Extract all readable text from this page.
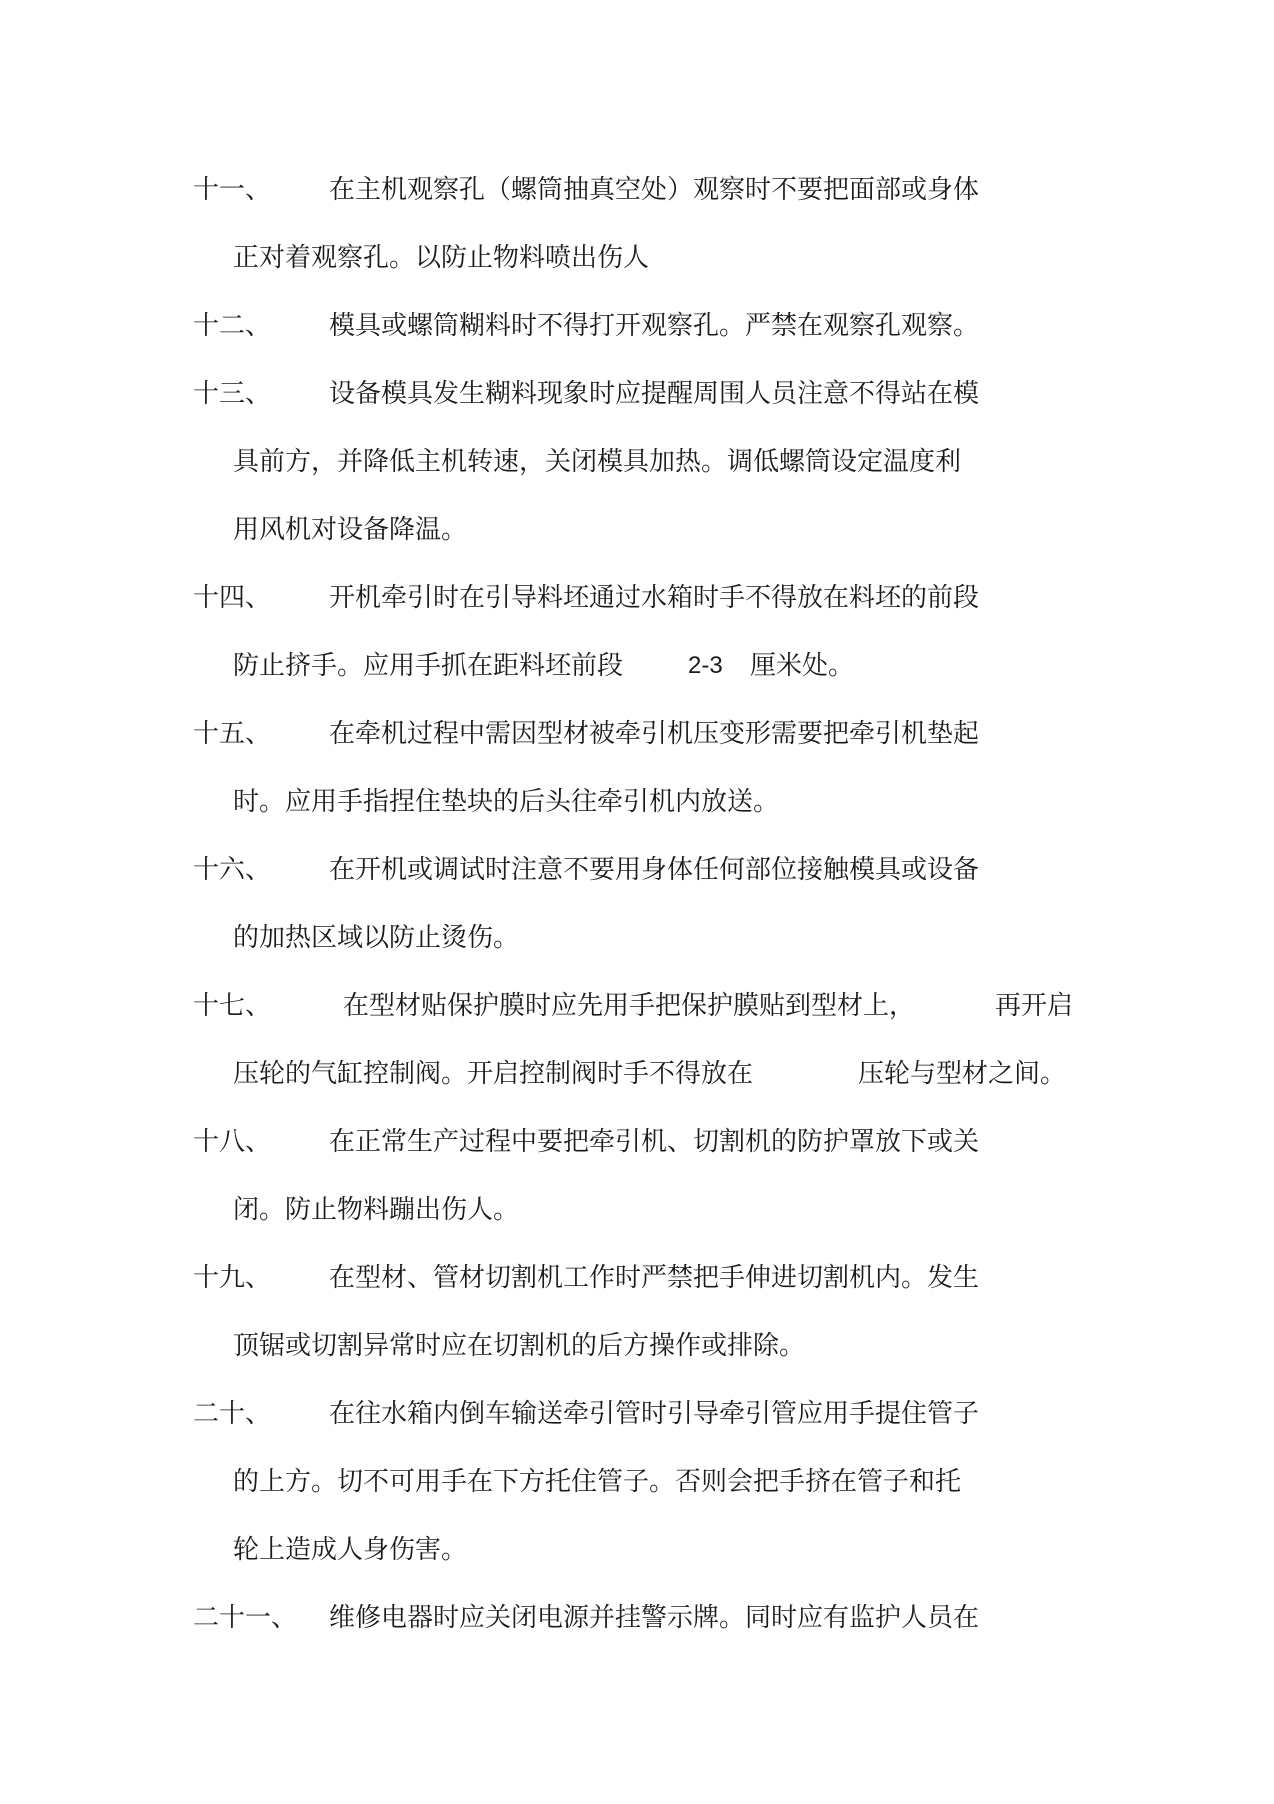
十一、 在主机观察孔（螺筒抽真空处）观察时不要把面部或身体
正对着观察孔。以防止物料喷出伤人
十二、 模具或螺筒糊料时不得打开观察孔。严禁在观察孔观察。
十三、 设备模具发生糊料现象时应提醒周围人员注意不得站在模
具前方，并降低主机转速，关闭模具加热。调低螺筒设定温度利
用风机对设备降温。
十四、 开机牵引时在引导料坯通过水箱时手不得放在料坯的前段
防止挤手。应用手抓在距料坯前段	2-3 厘米处。
十五、 在牵机过程中需因型材被牵引机压变形需要把牵引机垫起
时。应用手指捏住垫块的后头往牵引机内放送。
十六、 在开机或调试时注意不要用身体任何部位接触模具或设备
的加热区域以防止烫伤。
十七、	在型材贴保护膜时应先用手把保护膜贴到型材上，	再开启
压轮的气缸控制阀。开启控制阀时手不得放在	压轮与型材之间。
十八、 在正常生产过程中要把牵引机、切割机的防护罩放下或关
闭。防止物料蹦出伤人。
十九、 在型材、管材切割机工作时严禁把手伸进切割机内。发生
顶锯或切割异常时应在切割机的后方操作或排除。
二十、 在往水箱内倒车输送牵引管时引导牵引管应用手提住管子
的上方。切不可用手在下方托住管子。否则会把手挤在管子和托
轮上造成人身伤害。
二十一、 维修电器时应关闭电源并挂警示牌。同时应有监护人员在
